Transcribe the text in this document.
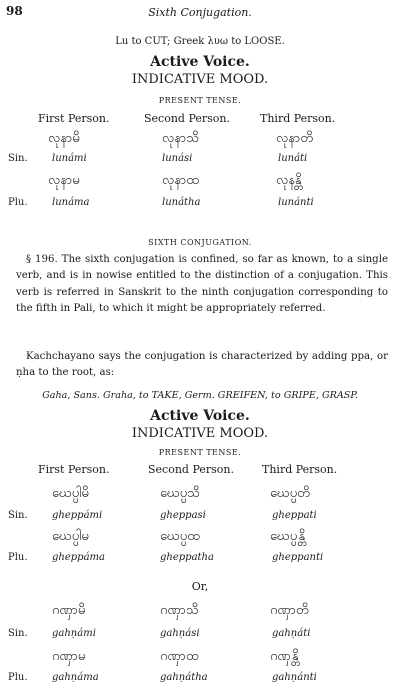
98	Sixth Conjugation.
Lu to CUT; Greek λυω to LOOSE.
Active Voice.
INDICATIVE MOOD.
PRESENT TENSE.
First Person.	Second Person.	Third Person.
လုနာမိ	လုနာသိ	လုနာတိ
Sin. lunámi	lunási	lunáti
လုနာမ	လုနာထ	လုနန္တိ
Plu. lunáma	lunátha	lunánti
SIXTH CONJUGATION.
§ 196. The sixth conjugation is confined, so far as known, to a single verb, and is in nowise entitled to the distinction of a conjugation. This verb is referred in Sanskrit to the ninth conjugation corresponding to the fifth in Pali, to which it might be appropriately referred.
Kachchayano says the conjugation is characterized by adding ppa, or ṇha to the root, as:
Gaha, Sans. Graha, to TAKE, Germ. GREIFEN, to GRIPE, GRASP.
Active Voice.
INDICATIVE MOOD.
PRESENT TENSE.
First Person.	Second Person.	Third Person.
ဃေပ္ပါမိ	ဃေပ္ပသိ	ဃေပ္ပတိ
Sin. gheppámi	gheppasi	gheppati
ဃေပ္ပါမ	ဃေပ္ပထ	ဃေပ္ပန္တိ
Plu. gheppáma	gheppatha	gheppanti
Or,
ဂဏှာမိ	ဂဏှာသိ	ဂဏှာတိ
Sin. gahṇámi	gahṇási	gahṇáti
ဂဏှာမ	ဂဏှာထ	ဂဏှန္တိ
Plu. gahṇáma	gahṇátha	gahṇánti
